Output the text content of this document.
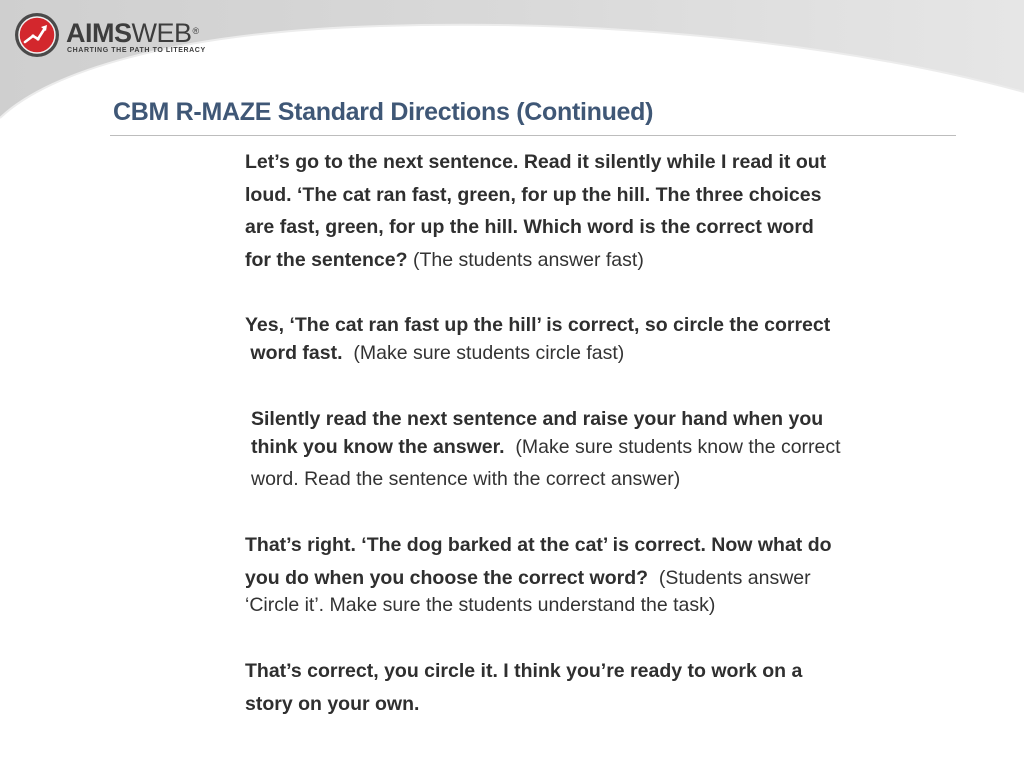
AIMSWEB®
CHARTING THE PATH TO LITERACY
CBM R-MAZE Standard Directions (Continued)

Let’s go to the next sentence. Read it silently while I read it out
loud. ‘The cat ran fast, green, for up the hill. The three choices
are fast, green, for up the hill. Which word is the correct word
for the sentence? (The students answer fast)

Yes, ‘The cat ran fast up the hill’ is correct, so circle the correct
word fast. (Make sure students circle fast)

Silently read the next sentence and raise your hand when you
think you know the answer. (Make sure students know the correct

word. Read the sentence with the correct answer)

That’s right. ‘The dog barked at the cat’ is correct. Now what do
you do when you choose the correct word? (Students answer

‘Circle it’. Make sure the students understand the task)

That’s correct, you circle it. I think you’re ready to work on a
story on your own.
